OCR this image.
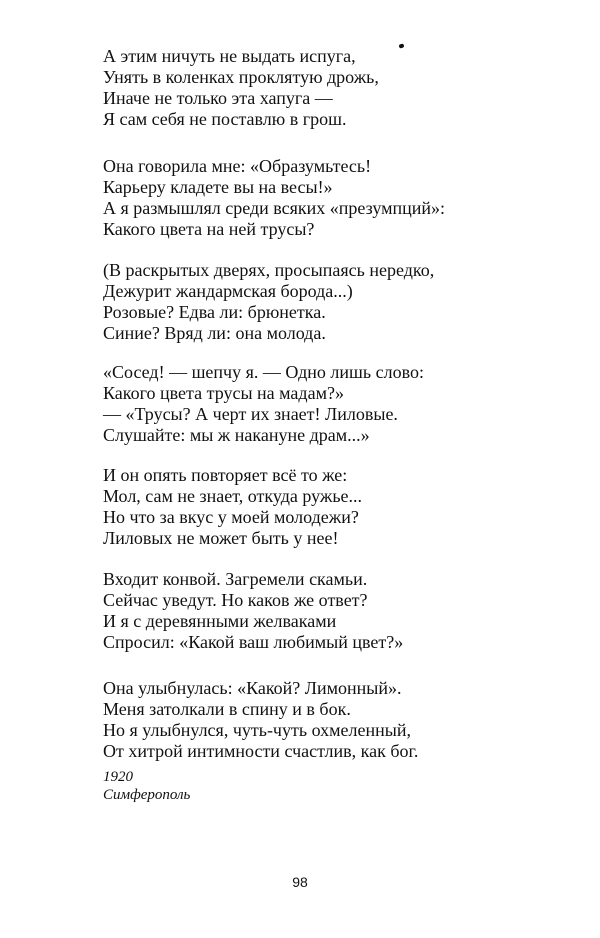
А этим ничуть не выдать испуга,
Унять в коленках проклятую дрожь,
Иначе не только эта хапуга —
Я сам себя не поставлю в грош.
Она говорила мне: «Образумьтесь!
Карьеру кладете вы на весы!»
А я размышлял среди всяких «презумпций»:
Какого цвета на ней трусы?
(В раскрытых дверях, просыпаясь нередко,
Дежурит жандармская борода...)
Розовые? Едва ли: брюнетка.
Синие? Вряд ли: она молода.
«Сосед! — шепчу я. — Одно лишь слово:
Какого цвета трусы на мадам?»
— «Трусы? А черт их знает! Лиловые.
Слушайте: мы ж накануне драм...»
И он опять повторяет всё то же:
Мол, сам не знает, откуда ружье...
Но что за вкус у моей молодежи?
Лиловых не может быть у нее!
Входит конвой. Загремели скамьи.
Сейчас уведут. Но каков же ответ?
И я с деревянными желваками
Спросил: «Какой ваш любимый цвет?»
Она улыбнулась: «Какой? Лимонный».
Меня затолкали в спину и в бок.
Но я улыбнулся, чуть-чуть охмеленный,
От хитрой интимности счастлив, как бог.
1920
Симферополь
98
